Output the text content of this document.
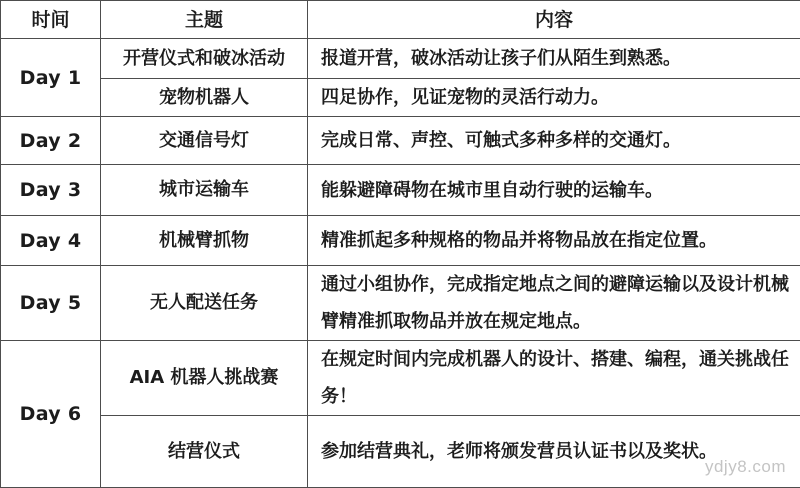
时间	主题	内容
Day 1	开营仪式和破冰活动	报道开营，破冰活动让孩子们从陌生到熟悉。
	宠物机器人	四足协作，见证宠物的灵活行动力。
Day 2	交通信号灯	完成日常、声控、可触式多种多样的交通灯。
Day 3	城市运输车	能躲避障碍物在城市里自动行驶的运输车。
Day 4	机械臂抓物	精准抓起多种规格的物品并将物品放在指定位置。
Day 5	无人配送任务	通过小组协作，完成指定地点之间的避障运输以及设计机械臂精准抓取物品并放在规定地点。
Day 6	AIA 机器人挑战赛	在规定时间内完成机器人的设计、搭建、编程，通关挑战任务！
	结营仪式	参加结营典礼，老师将颁发营员认证书以及奖状。
ydjy8.com
